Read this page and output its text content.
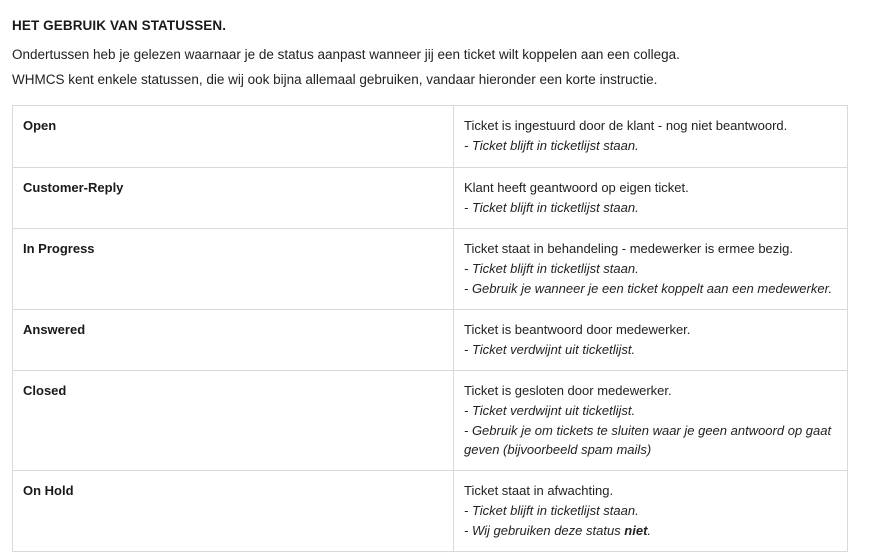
HET GEBRUIK VAN STATUSSEN.

Ondertussen heb je gelezen waarnaar je de status aanpast wanneer jij een ticket wilt koppelen aan een collega.

WHMCS kent enkele statussen, die wij ook bijna allemaal gebruiken, vandaar hieronder een korte instructie.

Open	Ticket is ingestuurd door de klant - nog niet beantwoord.
- Ticket blijft in ticketlijst staan.

Customer-Reply	Klant heeft geantwoord op eigen ticket.
- Ticket blijft in ticketlijst staan.

In Progress	Ticket staat in behandeling - medewerker is ermee bezig.
- Ticket blijft in ticketlijst staan.
- Gebruik je wanneer je een ticket koppelt aan een medewerker.

Answered	Ticket is beantwoord door medewerker.
- Ticket verdwijnt uit ticketlijst.

Closed	Ticket is gesloten door medewerker.
- Ticket verdwijnt uit ticketlijst.
- Gebruik je om tickets te sluiten waar je geen antwoord op gaat geven (bijvoorbeeld spam mails)

On Hold	Ticket staat in afwachting.
- Ticket blijft in ticketlijst staan.
- Wij gebruiken deze status niet.
